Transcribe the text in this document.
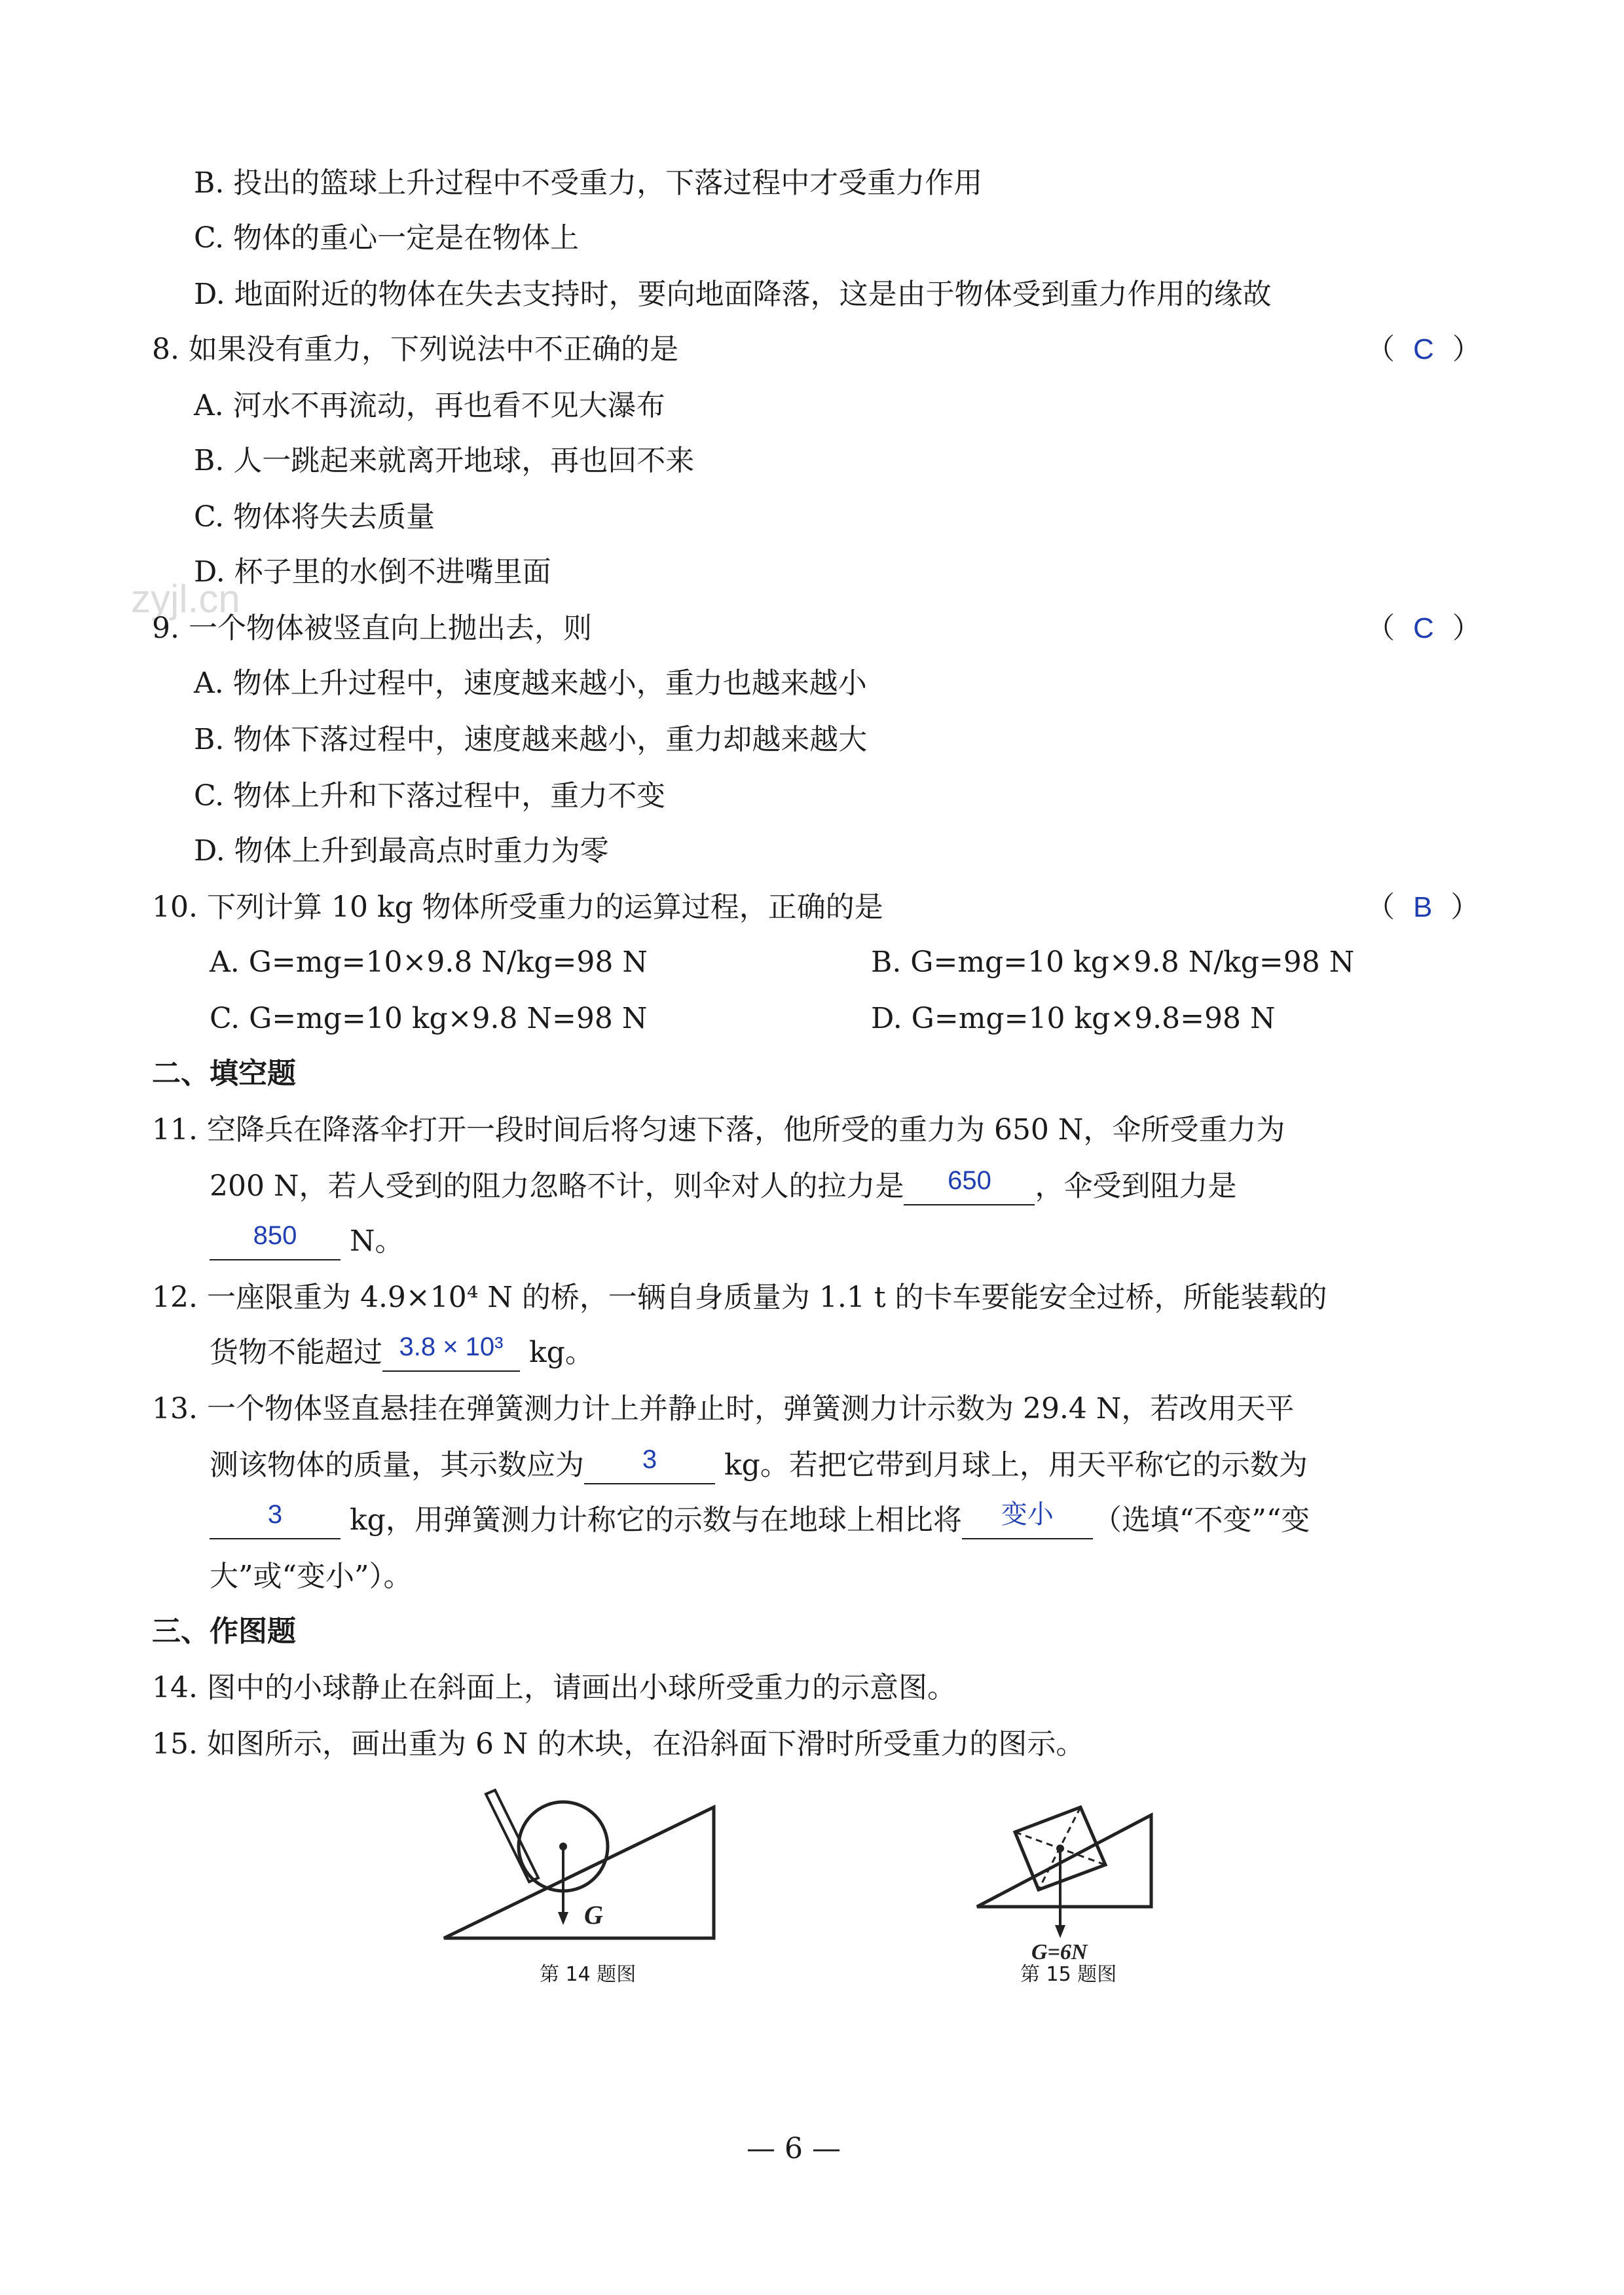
zyjl.cn
B. 投出的篮球上升过程中不受重力，下落过程中才受重力作用
C. 物体的重心一定是在物体上
D. 地面附近的物体在失去支持时，要向地面降落，这是由于物体受到重力作用的缘故
8. 如果没有重力，下列说法中不正确的是	（  C  ）
A. 河水不再流动，再也看不见大瀑布
B. 人一跳起来就离开地球，再也回不来
C. 物体将失去质量
D. 杯子里的水倒不进嘴里面
9. 一个物体被竖直向上抛出去，则	（  C  ）
A. 物体上升过程中，速度越来越小，重力也越来越小
B. 物体下落过程中，速度越来越小，重力却越来越大
C. 物体上升和下落过程中，重力不变
D. 物体上升到最高点时重力为零
10. 下列计算 10 kg 物体所受重力的运算过程，正确的是	（  B  ）
A. G=mg=10×9.8 N/kg=98 N	B. G=mg=10 kg×9.8 N/kg=98 N
C. G=mg=10 kg×9.8 N=98 N	D. G=mg=10 kg×9.8=98 N
二、填空题
11. 空降兵在降落伞打开一段时间后将匀速下落，他所受的重力为 650 N，伞所受重力为
200 N，若人受到的阻力忽略不计，则伞对人的拉力是 650 ，伞受到阻力是
850 N。
12. 一座限重为 4.9×10⁴ N 的桥，一辆自身质量为 1.1 t 的卡车要能安全过桥，所能装载的
货物不能超过 3.8 × 10³ kg。
13. 一个物体竖直悬挂在弹簧测力计上并静止时，弹簧测力计示数为 29.4 N，若改用天平
测该物体的质量，其示数应为 3 kg。若把它带到月球上，用天平称它的示数为
3 kg，用弹簧测力计称它的示数与在地球上相比将 变小 （选填“不变”“变
大”或“变小”）。
三、作图题
14. 图中的小球静止在斜面上，请画出小球所受重力的示意图。
15. 如图所示，画出重为 6 N 的木块，在沿斜面下滑时所受重力的图示。
G
第 14 题图
G=6N
第 15 题图
— 6 —
